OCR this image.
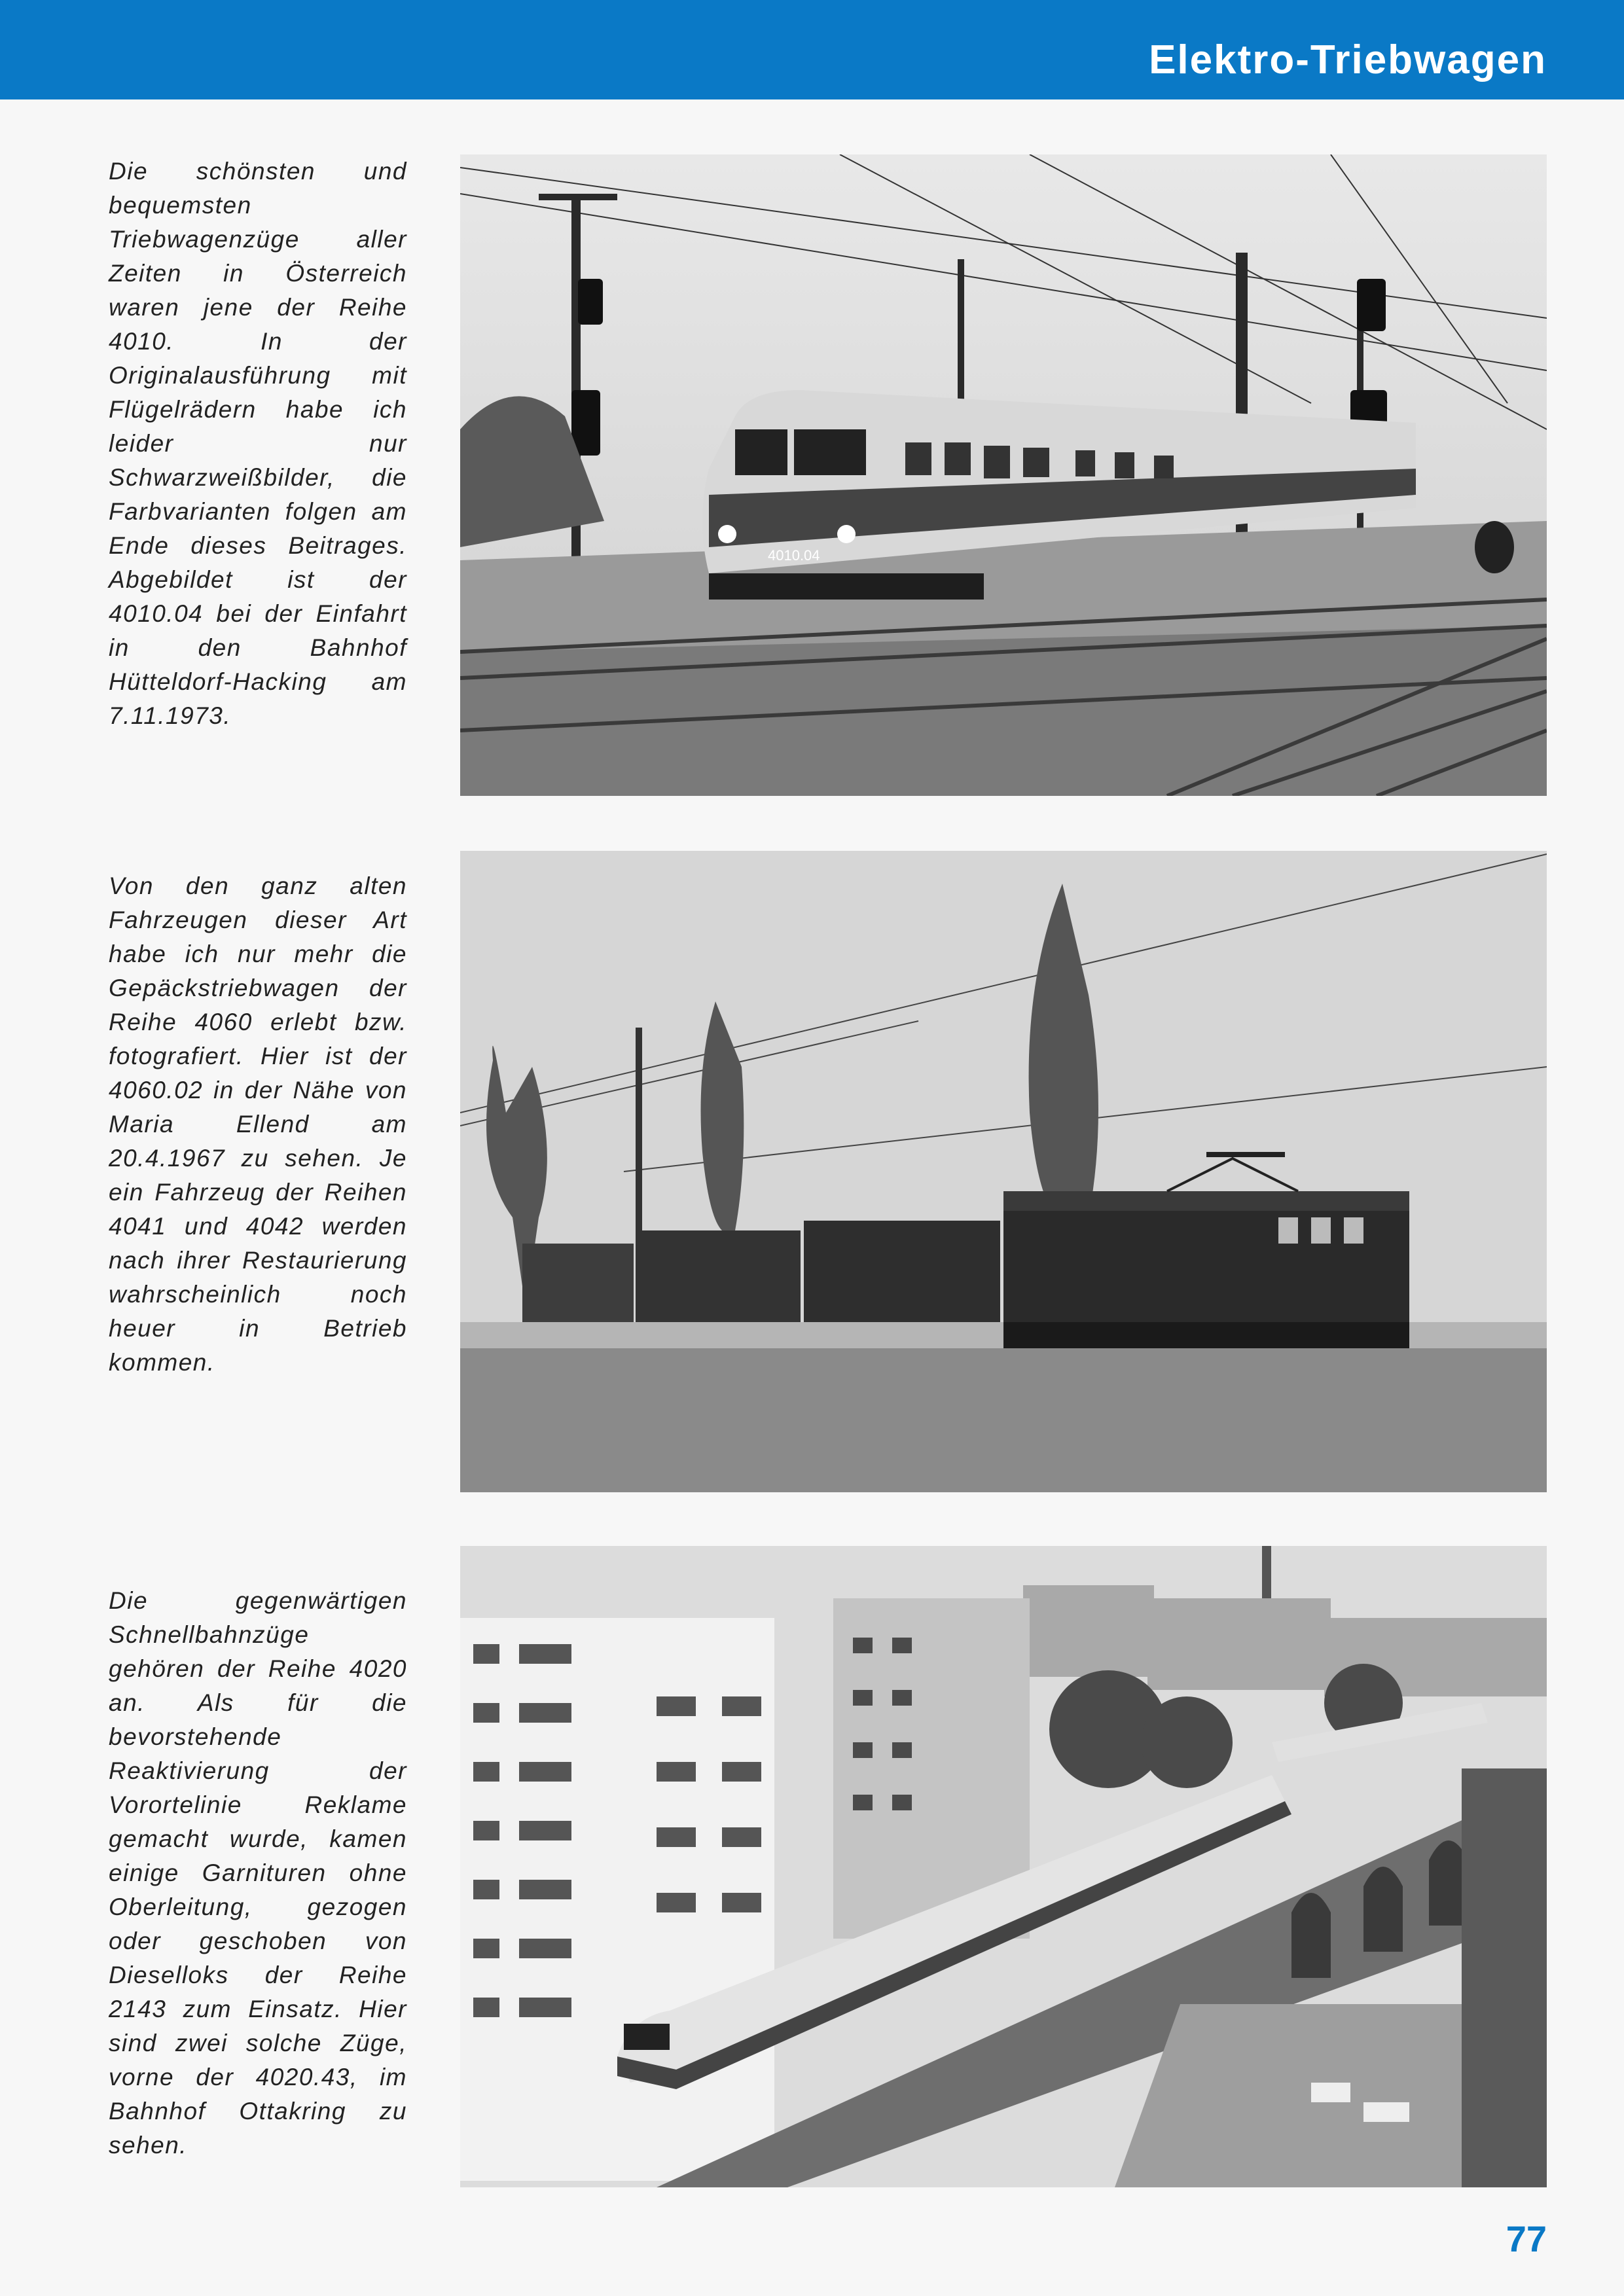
Elektro-Triebwagen
Die schönsten und bequemsten Triebwagenzüge aller Zeiten in Österreich waren jene der Reihe 4010. In der Originalausführung mit Flügelrädern habe ich leider nur Schwarzweißbilder, die Farbvarianten folgen am Ende dieses Beitrages. Abgebildet ist der 4010.04 bei der Einfahrt in den Bahnhof Hütteldorf-Hacking am 7.11.1973.
4010.04
Von den ganz alten Fahrzeugen dieser Art habe ich nur mehr die Gepäckstriebwagen der Reihe 4060 erlebt bzw. fotografiert. Hier ist der 4060.02 in der Nähe von Maria Ellend am 20.4.1967 zu sehen. Je ein Fahrzeug der Reihen 4041 und 4042 werden nach ihrer Restaurierung wahrscheinlich noch heuer in Betrieb kommen.
Die gegenwärtigen Schnellbahnzüge gehören der Reihe 4020 an. Als für die bevorstehende Reaktivierung der Vorortelinie Reklame gemacht wurde, kamen einige Garnituren ohne Oberleitung, gezogen oder geschoben von Dieselloks der Reihe 2143 zum Einsatz. Hier sind zwei solche Züge, vorne der 4020.43, im Bahnhof Ottakring zu sehen.
77
